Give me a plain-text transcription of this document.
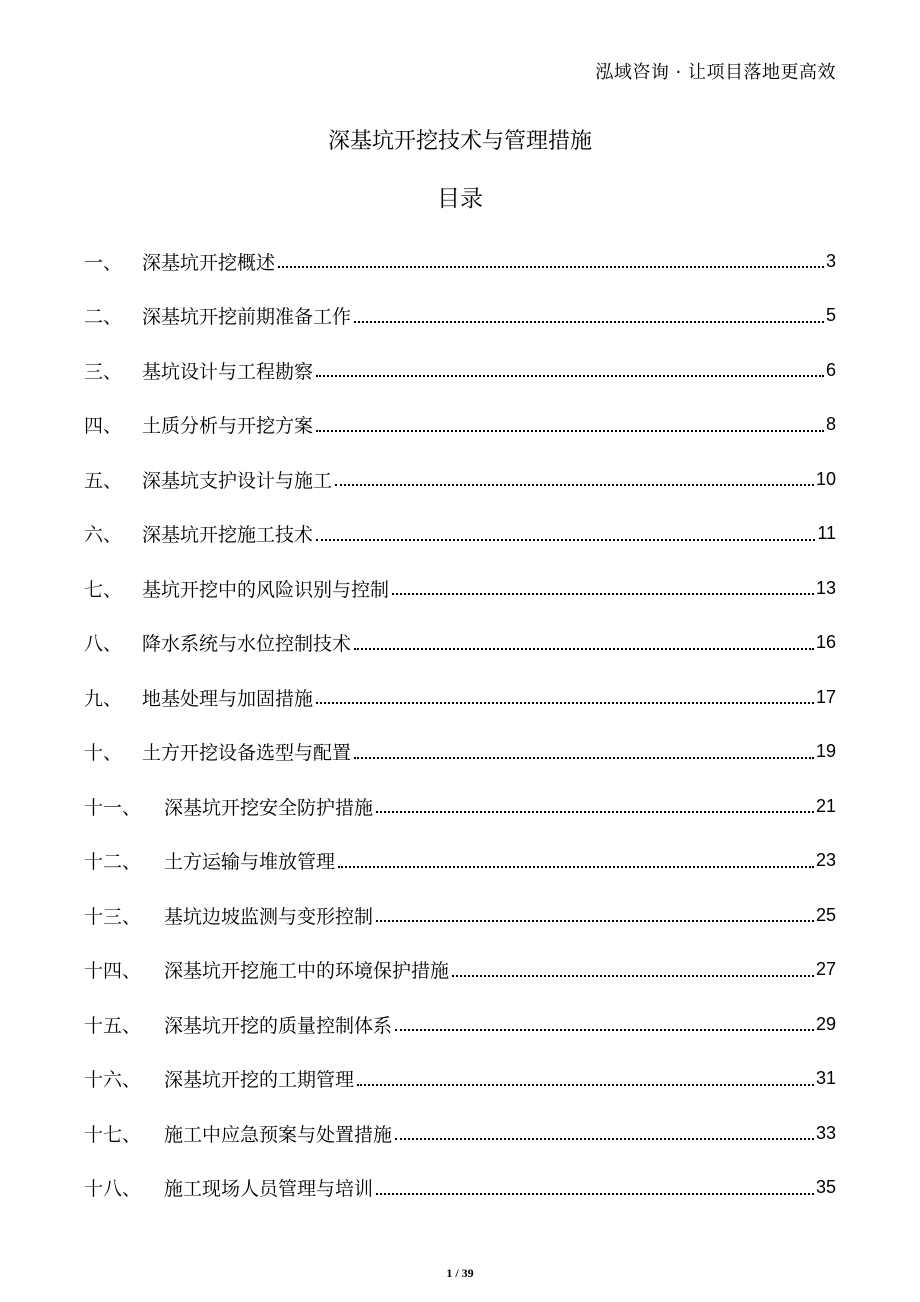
泓域咨询 · 让项目落地更高效
深基坑开挖技术与管理措施
目录
一、	深基坑开挖概述	3
二、	深基坑开挖前期准备工作	5
三、	基坑设计与工程勘察	6
四、	土质分析与开挖方案	8
五、	深基坑支护设计与施工	10
六、	深基坑开挖施工技术	11
七、	基坑开挖中的风险识别与控制	13
八、	降水系统与水位控制技术	16
九、	地基处理与加固措施	17
十、	土方开挖设备选型与配置	19
十一、	深基坑开挖安全防护措施	21
十二、	土方运输与堆放管理	23
十三、	基坑边坡监测与变形控制	25
十四、	深基坑开挖施工中的环境保护措施	27
十五、	深基坑开挖的质量控制体系	29
十六、	深基坑开挖的工期管理	31
十七、	施工中应急预案与处置措施	33
十八、	施工现场人员管理与培训	35
1 / 39
